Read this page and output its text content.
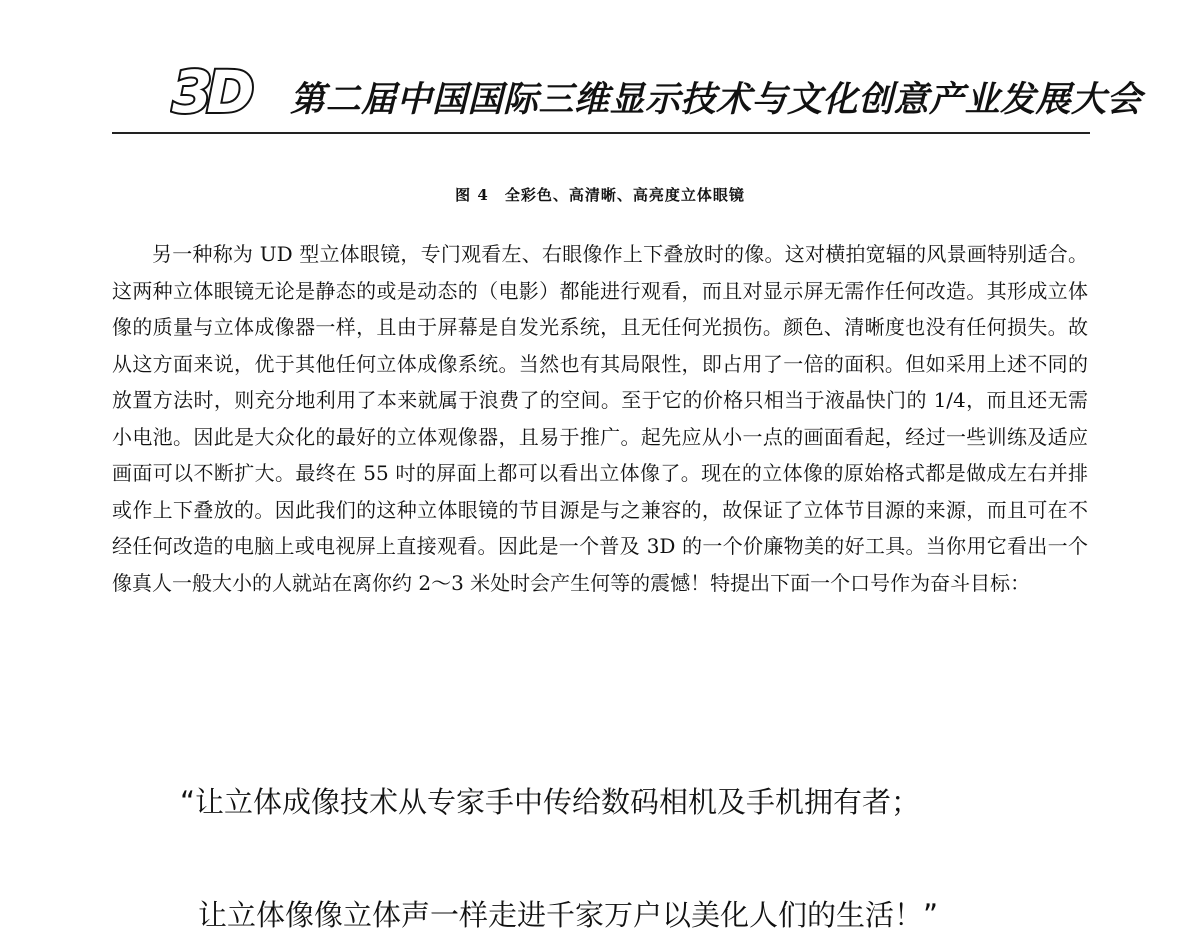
3D 第二届中国国际三维显示技术与文化创意产业发展大会
图 4　全彩色、高清晰、高亮度立体眼镜

另一种称为 UD 型立体眼镜，专门观看左、右眼像作上下叠放时的像。这对横拍宽辐的风景画特别适合。这两种立体眼镜无论是静态的或是动态的（电影）都能进行观看，而且对显示屏无需作任何改造。其形成立体像的质量与立体成像器一样，且由于屏幕是自发光系统，且无任何光损伤。颜色、清晰度也没有任何损失。故从这方面来说，优于其他任何立体成像系统。当然也有其局限性，即占用了一倍的面积。但如采用上述不同的放置方法时，则充分地利用了本来就属于浪费了的空间。至于它的价格只相当于液晶快门的 1/4，而且还无需小电池。因此是大众化的最好的立体观像器，且易于推广。起先应从小一点的画面看起，经过一些训练及适应画面可以不断扩大。最终在 55 吋的屏面上都可以看出立体像了。现在的立体像的原始格式都是做成左右并排或作上下叠放的。因此我们的这种立体眼镜的节目源是与之兼容的，故保证了立体节目源的来源，而且可在不经任何改造的电脑上或电视屏上直接观看。因此是一个普及 3D 的一个价廉物美的好工具。当你用它看出一个像真人一般大小的人就站在离你约 2～3 米处时会产生何等的震憾！特提出下面一个口号作为奋斗目标：

“让立体成像技术从专家手中传给数码相机及手机拥有者；

让立体像像立体声一样走进千家万户以美化人们的生活！”
